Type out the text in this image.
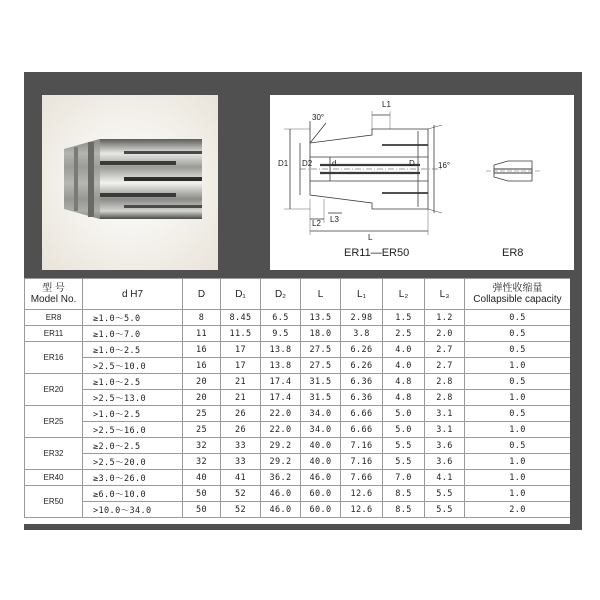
30°
L1
D1 D2 d	D	16°
L2 L3
L
ER11—ER50	ER8
型 号
Model No.	d H7	D	D₁	D₂	L	L₁	L₂	L₃	弹性收缩量
Collapsible capacity

ER8	≥1.0～5.0	8	8.45	6.5	13.5	2.98	1.5	1.2	0.5
ER11	≥1.0～7.0	11	11.5	9.5	18.0	3.8	2.5	2.0	0.5
ER16	≥1.0～2.5	16	17	13.8	27.5	6.26	4.0	2.7	0.5
	>2.5～10.0	16	17	13.8	27.5	6.26	4.0	2.7	1.0
ER20	≥1.0～2.5	20	21	17.4	31.5	6.36	4.8	2.8	0.5
	>2.5～13.0	20	21	17.4	31.5	6.36	4.8	2.8	1.0
ER25	>1.0～2.5	25	26	22.0	34.0	6.66	5.0	3.1	0.5
	>2.5～16.0	25	26	22.0	34.0	6.66	5.0	3.1	1.0
ER32	≥2.0～2.5	32	33	29.2	40.0	7.16	5.5	3.6	0.5
	>2.5～20.0	32	33	29.2	40.0	7.16	5.5	3.6	1.0
ER40	≥3.0～26.0	40	41	36.2	46.0	7.66	7.0	4.1	1.0
ER50	≥6.0～10.0	50	52	46.0	60.0	12.6	8.5	5.5	1.0
	>10.0～34.0	50	52	46.0	60.0	12.6	8.5	5.5	2.0
